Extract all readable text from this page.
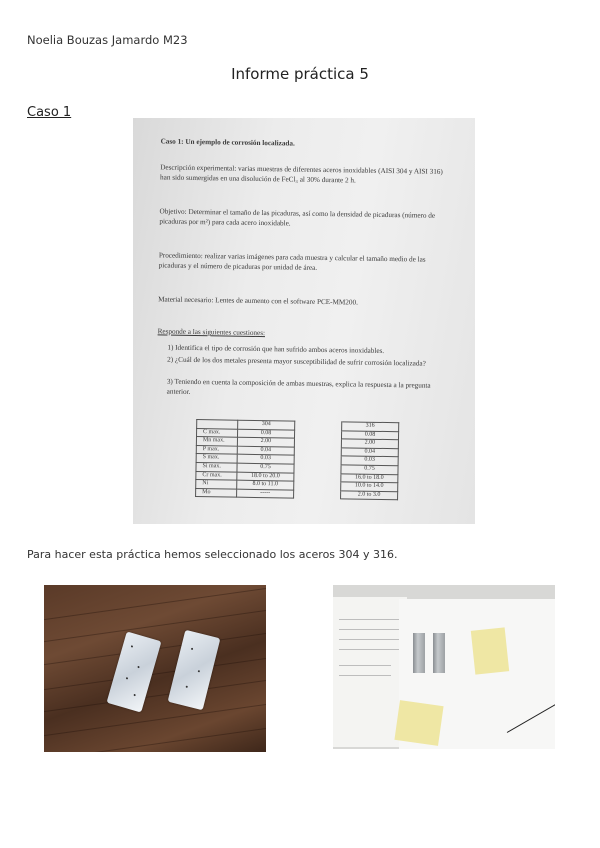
Noelia Bouzas Jamardo M23
Informe práctica 5
Caso 1
Caso 1: Un ejemplo de corrosión localizada.
Descripción experimental: varias muestras de diferentes aceros inoxidables (AISI 304 y AISI 316) han sido sumergidas en una disolución de FeCl₃ al 30% durante 2 h.
Objetivo: Determinar el tamaño de las picaduras, así como la densidad de picaduras (número de picaduras por m²) para cada acero inoxidable.
Procedimiento: realizar varias imágenes para cada muestra y calcular el tamaño medio de las picaduras y el número de picaduras por unidad de área.
Material necesario: Lentes de aumento con el software PCE-MM200.
Responde a las siguientes cuestiones:
1) Identifica el tipo de corrosión que han sufrido ambos aceros inoxidables.
2) ¿Cuál de los dos metales presenta mayor susceptibilidad de sufrir corrosión localizada?
3) Teniendo en cuenta la composición de ambas muestras, explica la respuesta a la pregunta anterior.
	304		316
C max.	0.08		0.08
Mn max.	2.00		2.00
P max.	0.04		0.04
S max.	0.03		0.03
Si max.	0.75		0.75
Cr max.	18.0 to 20.0		16.0 to 18.0
Ni	8.0 to 11.0		10.0 to 14.0
Mo	-----		2.0 to 3.0
Para hacer esta práctica hemos seleccionado los aceros 304 y 316.
